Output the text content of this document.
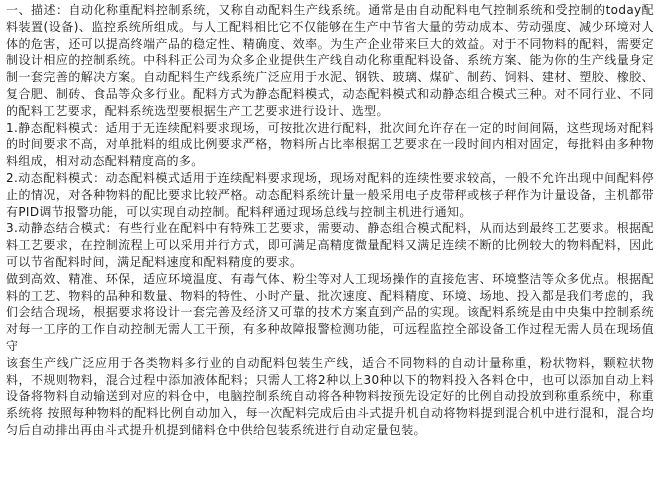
一、描述：自动化称重配料控制系统，又称自动配料生产线系统。通常是由自动配料电气控制系统和受控制的today配料装置(设备)、监控系统所组成。与人工配料相比它不仅能够在生产中节省大量的劳动成本、劳动强度、减少环境对人体的危害，还可以提高终端产品的稳定性、精确度、效率。为生产企业带来巨大的效益。对于不同物料的配料，需要定制设计相应的控制系统。中科科正公司为众多企业提供生产线自动化称重配料设备、系统方案、能为你的生产线量身定制一套完善的解决方案。自动配料生产线系统广泛应用于水泥、钢铁、玻璃、煤矿、制药、饲料、建材、塑胶、橡胶、复合肥、制砖、食品等众多行业。配料方式为静态配料模式，动态配料模式和动静态组合模式三种。对不同行业、不同的配料工艺要求，配料系统选型要根据生产工艺要求进行设计、选型。

1.静态配料模式：适用于无连续配料要求现场，可按批次进行配料，批次间允许存在一定的时间间隔，这些现场对配料的时间要求不高，对单批料的组成比例要求严格，物料所占比率根据工艺要求在一段时间内相对固定，每批料由多种物料组成，相对动态配料精度高的多。

2.动态配料模式：动态配料模式适用于连续配料要求现场，现场对配料的连续性要求较高，一般不允许出现中间配料停止的情况，对各种物料的配比要求比较严格。动态配料系统计量一般采用电子皮带秤或核子秤作为计量设备，主机都带有PID调节报警功能，可以实现自动控制。配料秤通过现场总线与控制主机进行通知。

3.动静态结合模式：有些行业在配料中有特殊工艺要求，需要动、静态组合模式配料，从而达到最终工艺要求。根据配料工艺要求，在控制流程上可以采用并行方式，即可满足高精度微量配料又满足连续不断的比例较大的物料配料，因此可以节省配料时间，满足配料速度和配料精度的要求。

做到高效、精准、环保，适应环境温度、有毒气体、粉尘等对人工现场操作的直接危害、环境整洁等众多优点。根据配料的工艺、物料的品种和数量、物料的特性、小时产量、批次速度、配料精度、环境、场地、投入都是我们考虑的，我们会结合现场，根据要求将设计一套完善及经济又可靠的技术方案直到产品的实现。该配料系统是由中央集中控制系统对每一工序的工作自动控制无需人工干预，有多种故障报警检测功能，可远程监控全部设备工作过程无需人员在现场值守

该套生产线广泛应用于各类物料多行业的自动配料包装生产线，适合不同物料的自动计量称重，粉状物料，颗粒状物料，不规则物料，混合过程中添加液体配料；只需人工将2种以上30种以下的物料投入各料仓中，也可以添加自动上料设备将物料自动输送到对应的料仓中，电脑控制系统自动将各种物料按预先设定好的比例自动投放到称重系统中，称重系统将 按照每种物料的配料比例自动加入，每一次配料完成后由斗式提升机自动将物料提到混合机中进行混和，混合均匀后自动排出再由斗式提升机提到储料仓中供给包装系统进行自动定量包装。
